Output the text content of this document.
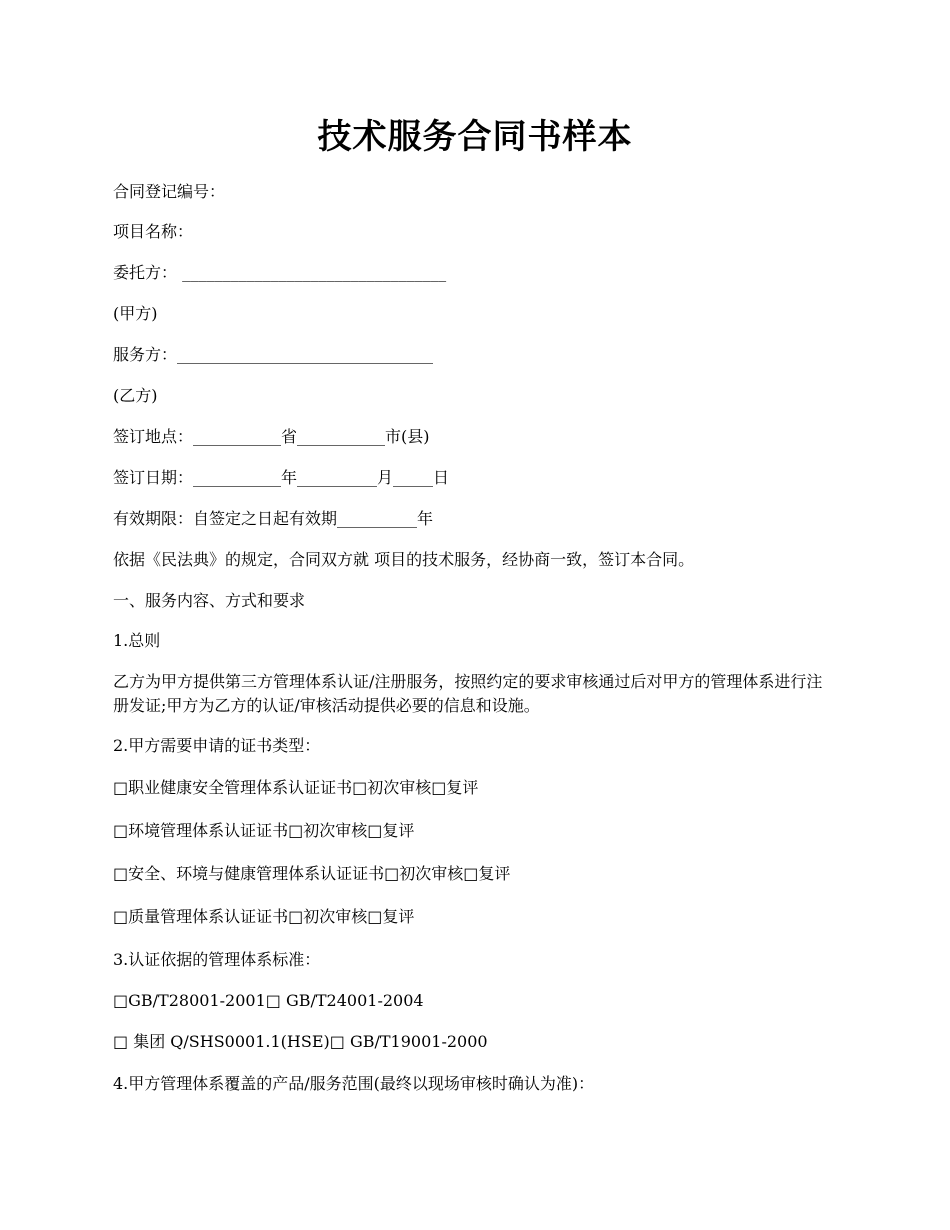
技术服务合同书样本

合同登记编号：

项目名称：

委托方： _________________________________

(甲方)

服务方：________________________________

(乙方)

签订地点：___________省___________市(县)

签订日期：___________年__________月_____日

有效期限：自签定之日起有效期__________年

依据《民法典》的规定，合同双方就 项目的技术服务，经协商一致，签订本合同。

一、服务内容、方式和要求

1.总则

乙方为甲方提供第三方管理体系认证/注册服务，按照约定的要求审核通过后对甲方的管理体系进行注册发证;甲方为乙方的认证/审核活动提供必要的信息和设施。

2.甲方需要申请的证书类型：

□职业健康安全管理体系认证证书□初次审核□复评

□环境管理体系认证证书□初次审核□复评

□安全、环境与健康管理体系认证证书□初次审核□复评

□质量管理体系认证证书□初次审核□复评

3.认证依据的管理体系标准：

□GB/T28001-2001□ GB/T24001-2004

□ 集团 Q/SHS0001.1(HSE)□ GB/T19001-2000

4.甲方管理体系覆盖的产品/服务范围(最终以现场审核时确认为准)：
